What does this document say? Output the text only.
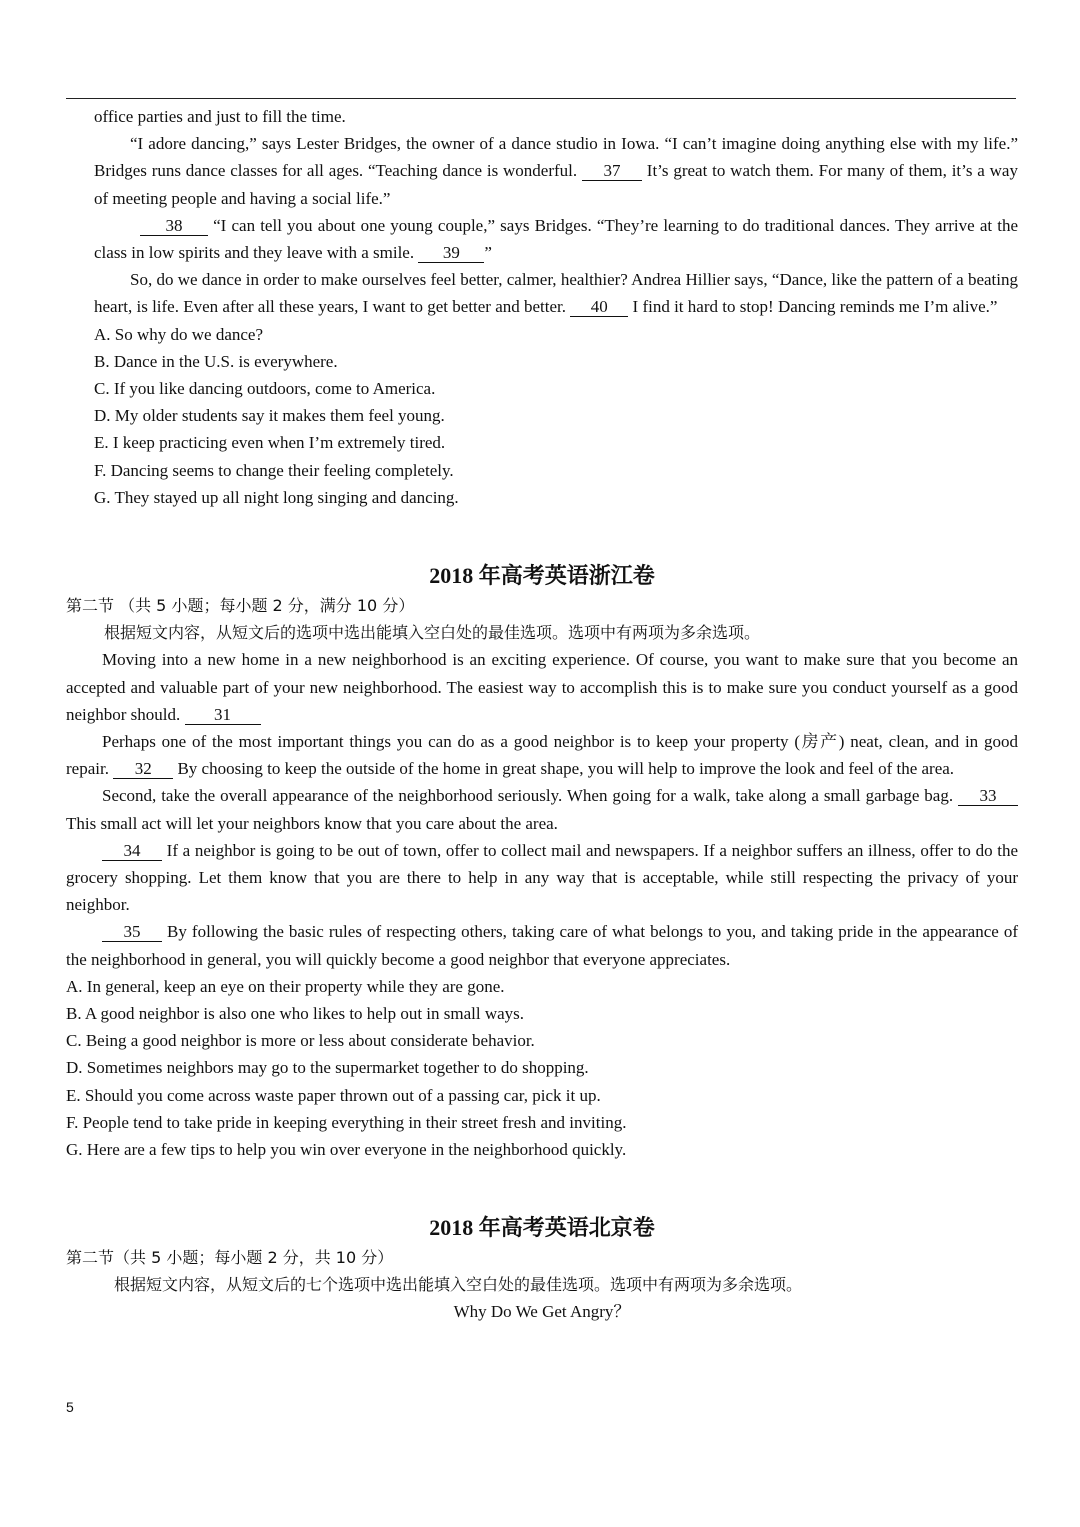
office parties and just to fill the time.

“I adore dancing,” says Lester Bridges, the owner of a dance studio in Iowa. “I can’t imagine doing anything else with my life.” Bridges runs dance classes for all ages. “Teaching dance is wonderful. 37 It’s great to watch them. For many of them, it’s a way of meeting people and having a social life.”

38 “I can tell you about one young couple,” says Bridges. “They’re learning to do traditional dances. They arrive at the class in low spirits and they leave with a smile. 39 ”

So, do we dance in order to make ourselves feel better, calmer, healthier? Andrea Hillier says, “Dance, like the pattern of a beating heart, is life. Even after all these years, I want to get better and better. 40 I find it hard to stop! Dancing reminds me I’m alive.”

A. So why do we dance?

B. Dance in the U.S. is everywhere.

C. If you like dancing outdoors, come to America.

D. My older students say it makes them feel young.

E. I keep practicing even when I’m extremely tired.

F. Dancing seems to change their feeling completely.

G. They stayed up all night long singing and dancing.

2018 年高考英语浙江卷

第二节 （共 5 小题；每小题 2 分，满分 10 分）

根据短文内容，从短文后的选项中选出能填入空白处的最佳选项。选项中有两项为多余选项。

Moving into a new home in a new neighborhood is an exciting experience. Of course, you want to make sure that you become an accepted and valuable part of your new neighborhood. The easiest way to accomplish this is to make sure you conduct yourself as a good neighbor should. 31

Perhaps one of the most important things you can do as a good neighbor is to keep your property (房产) neat, clean, and in good repair. 32 By choosing to keep the outside of the home in great shape, you will help to improve the look and feel of the area.

Second, take the overall appearance of the neighborhood seriously. When going for a walk, take along a small garbage bag. 33 This small act will let your neighbors know that you care about the area.

34 If a neighbor is going to be out of town, offer to collect mail and newspapers. If a neighbor suffers an illness, offer to do the grocery shopping. Let them know that you are there to help in any way that is acceptable, while still respecting the privacy of your neighbor.

35 By following the basic rules of respecting others, taking care of what belongs to you, and taking pride in the appearance of the neighborhood in general, you will quickly become a good neighbor that everyone appreciates.

A. In general, keep an eye on their property while they are gone.

B. A good neighbor is also one who likes to help out in small ways.

C. Being a good neighbor is more or less about considerate behavior.

D. Sometimes neighbors may go to the supermarket together to do shopping.

E. Should you come across waste paper thrown out of a passing car, pick it up.

F. People tend to take pride in keeping everything in their street fresh and inviting.

G. Here are a few tips to help you win over everyone in the neighborhood quickly.

2018 年高考英语北京卷

第二节（共 5 小题；每小题 2 分，共 10 分）

根据短文内容，从短文后的七个选项中选出能填入空白处的最佳选项。选项中有两项为多余选项。

Why Do We Get Angry？

5
